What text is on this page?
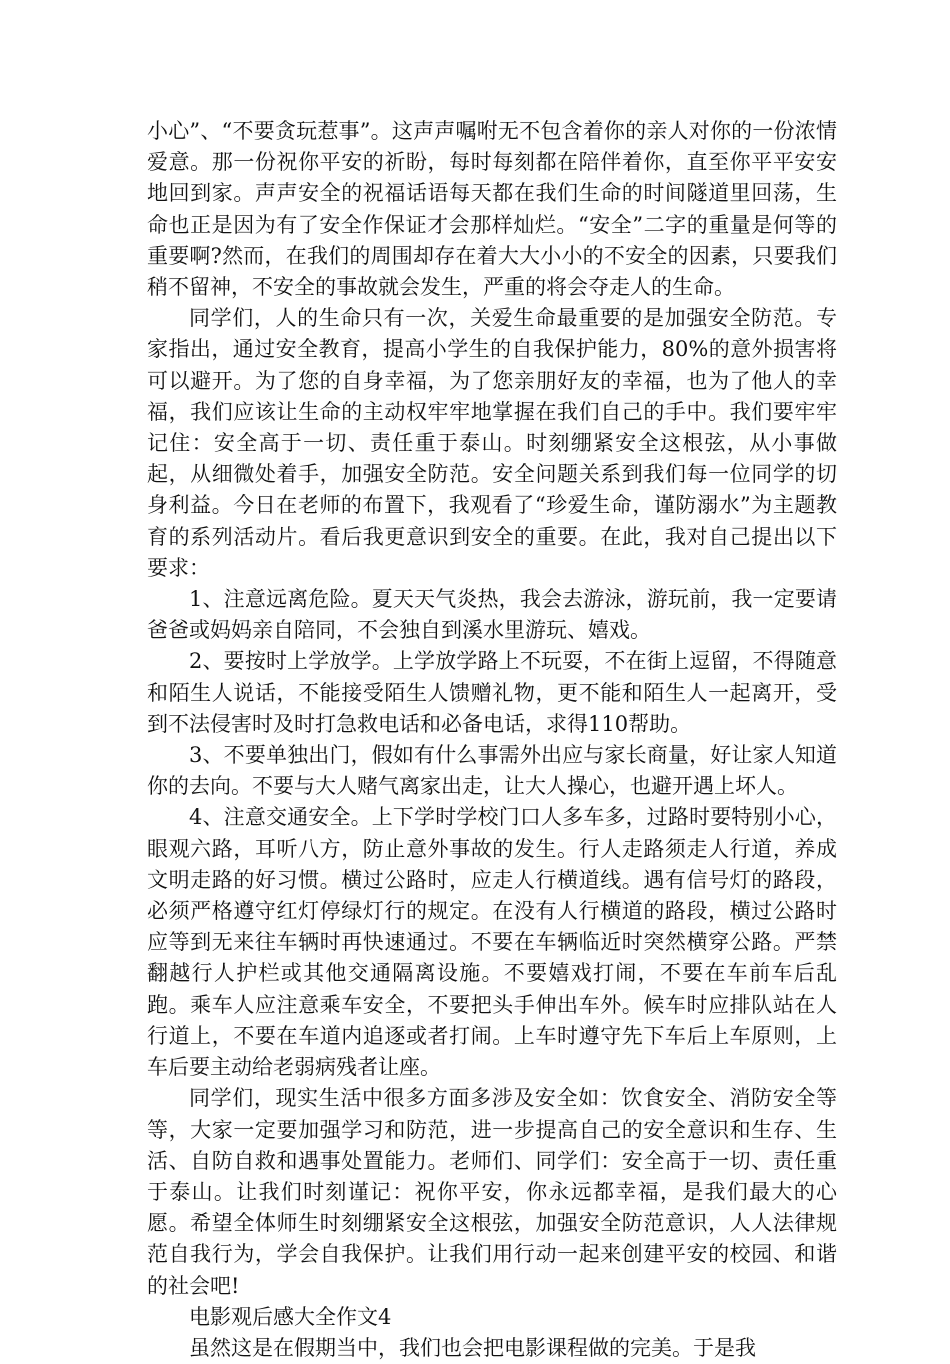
小心”、“不要贪玩惹事”。这声声嘱咐无不包含着你的亲人对你的一份浓情爱意。那一份祝你平安的祈盼，每时每刻都在陪伴着你，直至你平平安安地回到家。声声安全的祝福话语每天都在我们生命的时间隧道里回荡，生命也正是因为有了安全作保证才会那样灿烂。“安全”二字的重量是何等的重要啊?然而，在我们的周围却存在着大大小小的不安全的因素，只要我们稍不留神，不安全的事故就会发生，严重的将会夺走人的生命。

同学们，人的生命只有一次，关爱生命最重要的是加强安全防范。专家指出，通过安全教育，提高小学生的自我保护能力，80%的意外损害将可以避开。为了您的自身幸福，为了您亲朋好友的幸福，也为了他人的幸福，我们应该让生命的主动权牢牢地掌握在我们自己的手中。我们要牢牢记住：安全高于一切、责任重于泰山。时刻绷紧安全这根弦，从小事做起，从细微处着手，加强安全防范。安全问题关系到我们每一位同学的切身利益。今日在老师的布置下，我观看了“珍爱生命，谨防溺水”为主题教育的系列活动片。看后我更意识到安全的重要。在此，我对自己提出以下要求：

1、注意远离危险。夏天天气炎热，我会去游泳，游玩前，我一定要请爸爸或妈妈亲自陪同，不会独自到溪水里游玩、嬉戏。

2、要按时上学放学。上学放学路上不玩耍，不在街上逗留，不得随意和陌生人说话，不能接受陌生人馈赠礼物，更不能和陌生人一起离开，受到不法侵害时及时打急救电话和必备电话，求得110帮助。

3、不要单独出门，假如有什么事需外出应与家长商量，好让家人知道你的去向。不要与大人赌气离家出走，让大人操心，也避开遇上坏人。

4、注意交通安全。上下学时学校门口人多车多，过路时要特别小心，眼观六路，耳听八方，防止意外事故的发生。行人走路须走人行道，养成文明走路的好习惯。横过公路时，应走人行横道线。遇有信号灯的路段，必须严格遵守红灯停绿灯行的规定。在没有人行横道的路段，横过公路时应等到无来往车辆时再快速通过。不要在车辆临近时突然横穿公路。严禁翻越行人护栏或其他交通隔离设施。不要嬉戏打闹，不要在车前车后乱跑。乘车人应注意乘车安全，不要把头手伸出车外。候车时应排队站在人行道上，不要在车道内追逐或者打闹。上车时遵守先下车后上车原则，上车后要主动给老弱病残者让座。

同学们，现实生活中很多方面多涉及安全如：饮食安全、消防安全等等，大家一定要加强学习和防范，进一步提高自己的安全意识和生存、生活、自防自救和遇事处置能力。老师们、同学们：安全高于一切、责任重于泰山。让我们时刻谨记：祝你平安，你永远都幸福，是我们最大的心愿。希望全体师生时刻绷紧安全这根弦，加强安全防范意识，人人法律规范自我行为，学会自我保护。让我们用行动一起来创建平安的校园、和谐的社会吧!

电影观后感大全作文4

虽然这是在假期当中，我们也会把电影课程做的完美。于是我
